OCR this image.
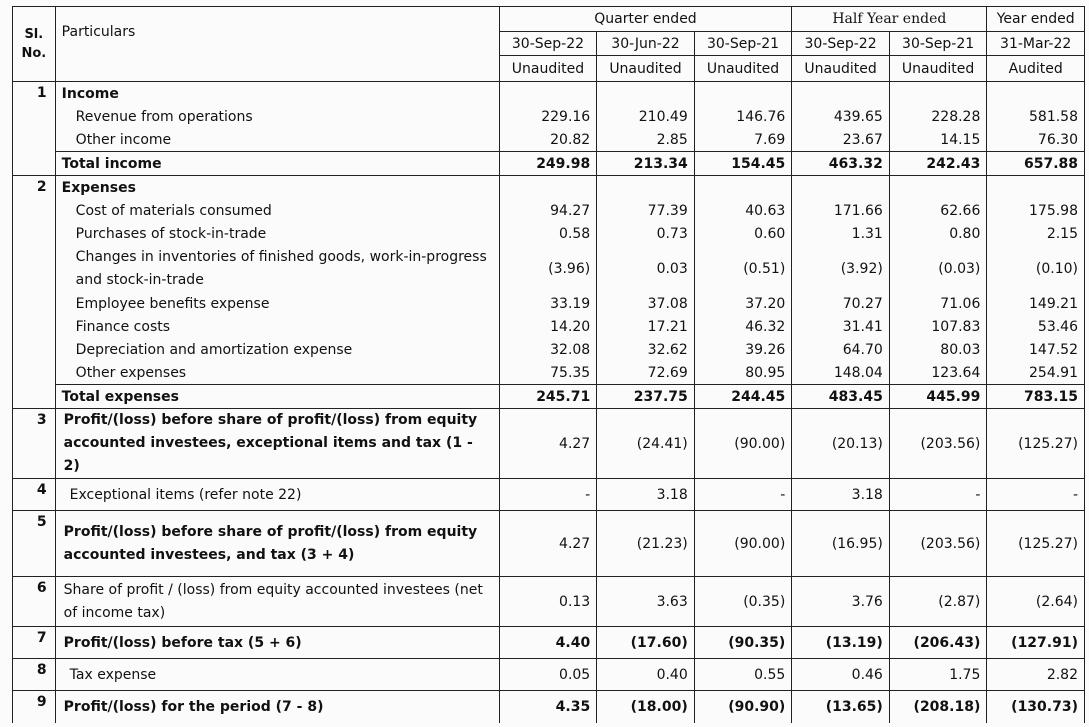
Sl.
No.	Particulars	Quarter ended			Half Year ended		Year ended
		30-Sep-22	30-Jun-22	30-Sep-21	30-Sep-22	30-Sep-21	31-Mar-22
		Unaudited	Unaudited	Unaudited	Unaudited	Unaudited	Audited
1	Income						
	Revenue from operations	229.16	210.49	146.76	439.65	228.28	581.58
	Other income	20.82	2.85	7.69	23.67	14.15	76.30
	Total income	249.98	213.34	154.45	463.32	242.43	657.88
2	Expenses						
	Cost of materials consumed	94.27	77.39	40.63	171.66	62.66	175.98
	Purchases of stock-in-trade	0.58	0.73	0.60	1.31	0.80	2.15
	Changes in inventories of finished goods, work-in-progress and stock-in-trade	(3.96)	0.03	(0.51)	(3.92)	(0.03)	(0.10)
	Employee benefits expense	33.19	37.08	37.20	70.27	71.06	149.21
	Finance costs	14.20	17.21	46.32	31.41	107.83	53.46
	Depreciation and amortization expense	32.08	32.62	39.26	64.70	80.03	147.52
	Other expenses	75.35	72.69	80.95	148.04	123.64	254.91
	Total expenses	245.71	237.75	244.45	483.45	445.99	783.15
3	Profit/(loss) before share of profit/(loss) from equity accounted investees, exceptional items and tax (1 - 2)	4.27	(24.41)	(90.00)	(20.13)	(203.56)	(125.27)
4	Exceptional items (refer note 22)	-	3.18	-	3.18	-	-
5	Profit/(loss) before share of profit/(loss) from equity accounted investees, and tax (3 + 4)	4.27	(21.23)	(90.00)	(16.95)	(203.56)	(125.27)
6	Share of profit / (loss) from equity accounted investees (net of income tax)	0.13	3.63	(0.35)	3.76	(2.87)	(2.64)
7	Profit/(loss) before tax (5 + 6)	4.40	(17.60)	(90.35)	(13.19)	(206.43)	(127.91)
8	Tax expense	0.05	0.40	0.55	0.46	1.75	2.82
9	Profit/(loss) for the period (7 - 8)	4.35	(18.00)	(90.90)	(13.65)	(208.18)	(130.73)
